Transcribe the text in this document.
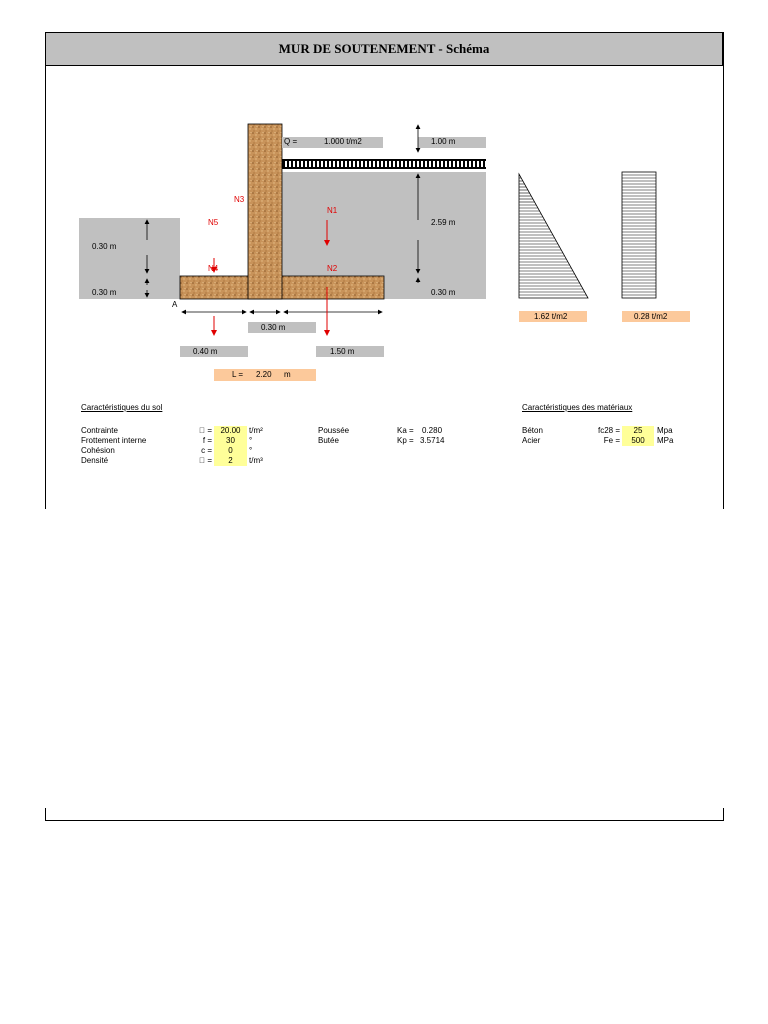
MUR DE SOUTENEMENT - Schéma
Q =	1.000 t/m2	1.00 m
2.59 m
0.30 m
0.30 m
0.30 m
0.30 m
0.40 m	1.50 m
L = 2.20 m
A
N3
N5
N4
N1
N2
1.62 t/m2	0.28 t/m2
Caractéristiques du sol
Contrainte	  =	20.00	t/m²
Frottement interne	f =	30	°
Cohésion	c =	0	°
Densité	  =	2	t/m³
Poussée	Ka = 0.280
Butée	Kp = 3.5714
Caractéristiques des matériaux
Béton	fc28 =	25	Mpa
Acier	Fe =	500	MPa
